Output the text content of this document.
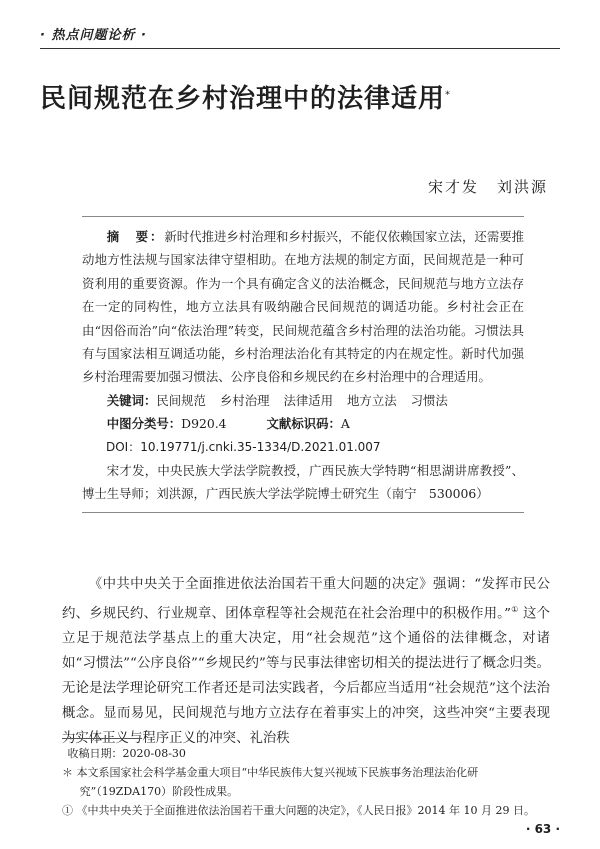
· 热点问题论析 ·
民间规范在乡村治理中的法律适用*
宋才发 刘洪源

摘　要：新时代推进乡村治理和乡村振兴，不能仅依赖国家立法，还需要推动地方性法规与国家法律守望相助。在地方法规的制定方面，民间规范是一种可资利用的重要资源。作为一个具有确定含义的法治概念，民间规范与地方立法存在一定的同构性，地方立法具有吸纳融合民间规范的调适功能。乡村社会正在由“因俗而治”向“依法治理”转变，民间规范蕴含乡村治理的法治功能。习惯法具有与国家法相互调适功能，乡村治理法治化有其特定的内在规定性。新时代加强乡村治理需要加强习惯法、公序良俗和乡规民约在乡村治理中的合理适用。

关键词：民间规范 乡村治理 法律适用 地方立法 习惯法

中图分类号：D920.4	文献标识码：A

DOI：10.19771/j.cnki.35-1334/D.2021.01.007

宋才发，中央民族大学法学院教授，广西民族大学特聘“相思湖讲席教授”、博士生导师；刘洪源，广西民族大学法学院博士研究生（南宁　530006）

《中共中央关于全面推进依法治国若干重大问题的决定》强调：“发挥市民公约、乡规民约、行业规章、团体章程等社会规范在社会治理中的积极作用。”① 这个立足于规范法学基点上的重大决定，用“社会规范”这个通俗的法律概念，对诸如“习惯法”“公序良俗”“乡规民约”等与民事法律密切相关的提法进行了概念归类。无论是法学理论研究工作者还是司法实践者，今后都应当适用“社会规范”这个法治概念。显而易见，民间规范与地方立法存在着事实上的冲突，这些冲突“主要表现为实体正义与程序正义的冲突、礼治秩

收稿日期：2020-08-30

＊ 本文系国家社会科学基金重大项目“中华民族伟大复兴视域下民族事务治理法治化研究”（19ZDA170）阶段性成果。

① 《中共中央关于全面推进依法治国若干重大问题的决定》，《人民日报》2014 年 10 月 29 日。

· 63 ·
